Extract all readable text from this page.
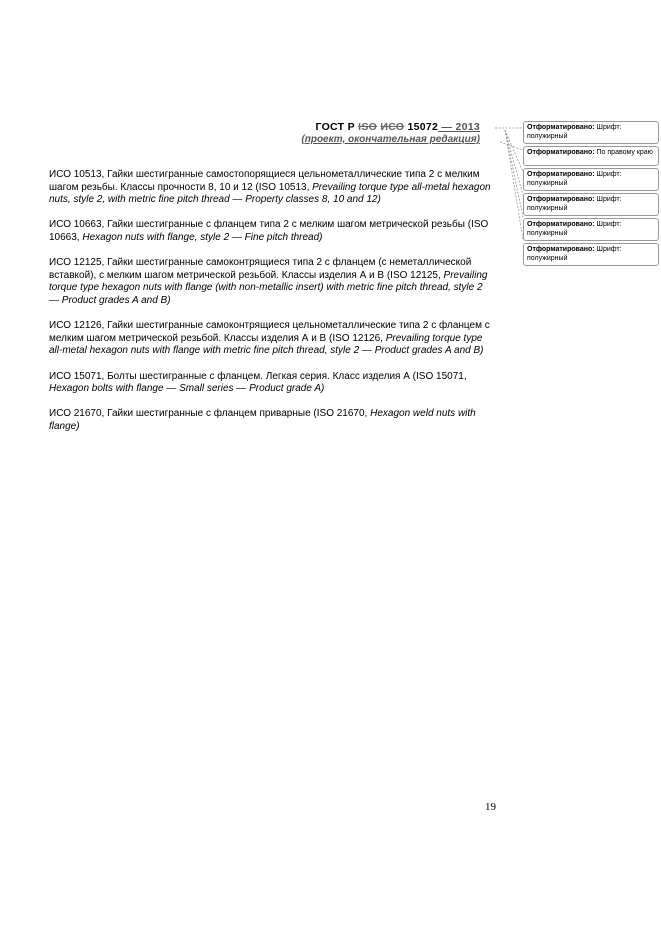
ГОСТ Р ISO ИСО 15072 — 2013
(проект, окончательная редакция)

ИСО 10513, Гайки шестигранные самостопорящиеся цельнометаллические типа 2 с мелким шагом резьбы. Классы прочности 8, 10 и 12 (ISO 10513, Prevailing torque type all-metal hexagon nuts, style 2, with metric fine pitch thread — Property classes 8, 10 and 12)

ИСО 10663, Гайки шестигранные с фланцем типа 2 с мелким шагом метрической резьбы (ISO 10663, Hexagon nuts with flange, style 2 — Fine pitch thread)

ИСО 12125, Гайки шестигранные самоконтрящиеся типа 2 с фланцем (с неметаллической вставкой), с мелким шагом метрической резьбой. Классы изделия А и В (ISO 12125, Prevailing torque type hexagon nuts with flange (with non-metallic insert) with metric fine pitch thread, style 2 — Product grades A and B)

ИСО 12126, Гайки шестигранные самоконтрящиеся цельнометаллические типа 2 с фланцем с мелким шагом метрической резьбой. Классы изделия А и В (ISO 12126, Prevailing torque type all-metal hexagon nuts with flange with metric fine pitch thread, style 2 — Product grades A and B)

ИСО 15071, Болты шестигранные с фланцем. Легкая серия. Класс изделия А (ISO 15071, Hexagon bolts with flange — Small series — Product grade A)

ИСО 21670, Гайки шестигранные с фланцем приварные (ISO 21670, Hexagon weld nuts with flange)

19
Отформатировано: Шрифт: полужирный
Отформатировано: По правому краю
Отформатировано: Шрифт: полужирный
Отформатировано: Шрифт: полужирный
Отформатировано: Шрифт: полужирный
Отформатировано: Шрифт: полужирный
